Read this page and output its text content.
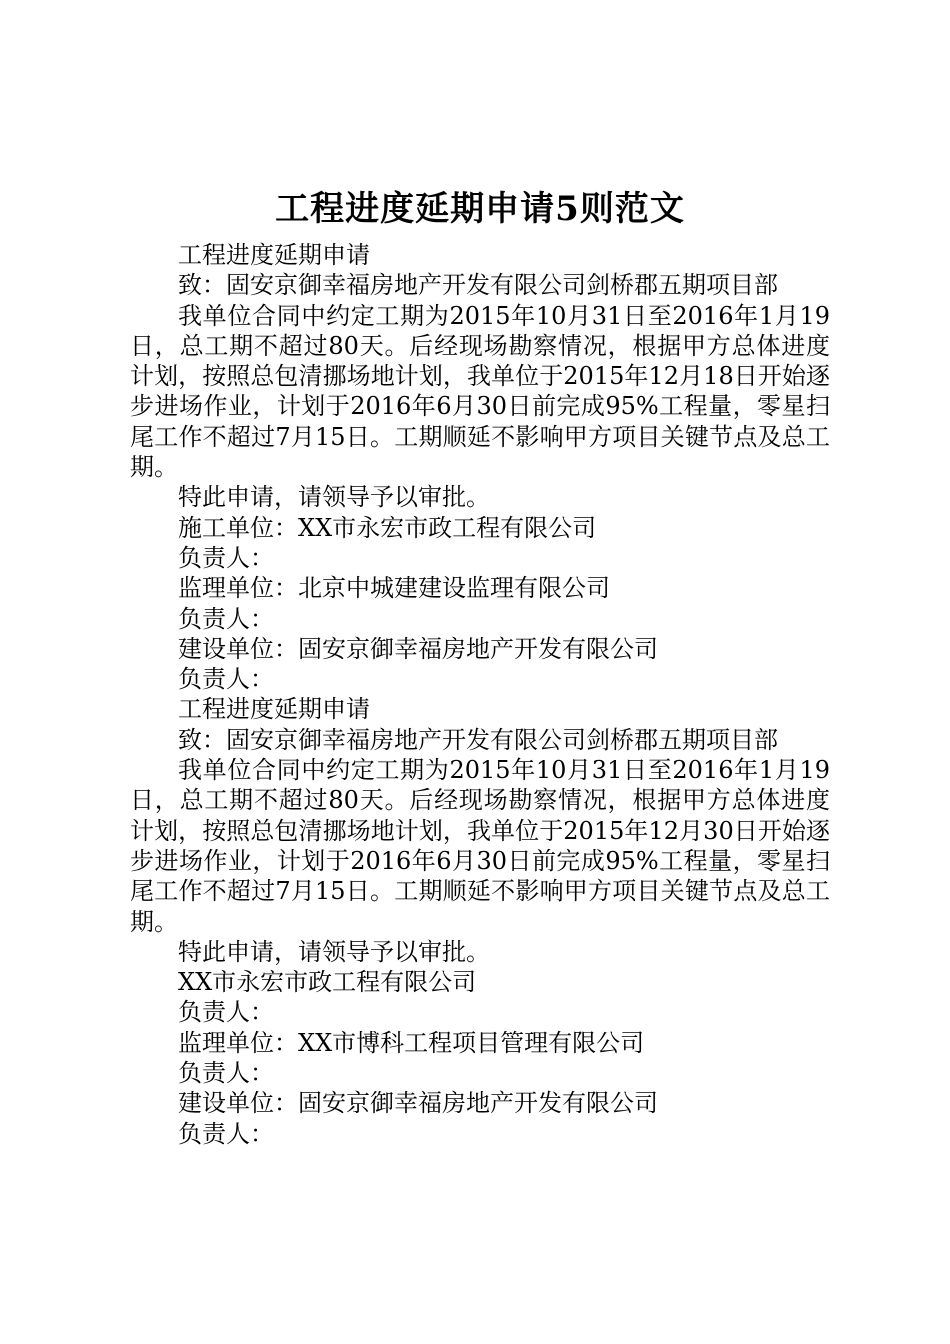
工程进度延期申请5则范文

工程进度延期申请

致：固安京御幸福房地产开发有限公司剑桥郡五期项目部

我单位合同中约定工期为2015年10月31日至2016年1月19日，总工期不超过80天。后经现场勘察情况，根据甲方总体进度计划，按照总包清挪场地计划，我单位于2015年12月18日开始逐步进场作业，计划于2016年6月30日前完成95%工程量，零星扫尾工作不超过7月15日。工期顺延不影响甲方项目关键节点及总工期。

特此申请，请领导予以审批。

施工单位：XX市永宏市政工程有限公司

负责人：

监理单位：北京中城建建设监理有限公司

负责人：

建设单位：固安京御幸福房地产开发有限公司

负责人：

工程进度延期申请

致：固安京御幸福房地产开发有限公司剑桥郡五期项目部

我单位合同中约定工期为2015年10月31日至2016年1月19日，总工期不超过80天。后经现场勘察情况，根据甲方总体进度计划，按照总包清挪场地计划，我单位于2015年12月30日开始逐步进场作业，计划于2016年6月30日前完成95%工程量，零星扫尾工作不超过7月15日。工期顺延不影响甲方项目关键节点及总工期。

特此申请，请领导予以审批。

XX市永宏市政工程有限公司

负责人：

监理单位：XX市博科工程项目管理有限公司

负责人：

建设单位：固安京御幸福房地产开发有限公司

负责人：
